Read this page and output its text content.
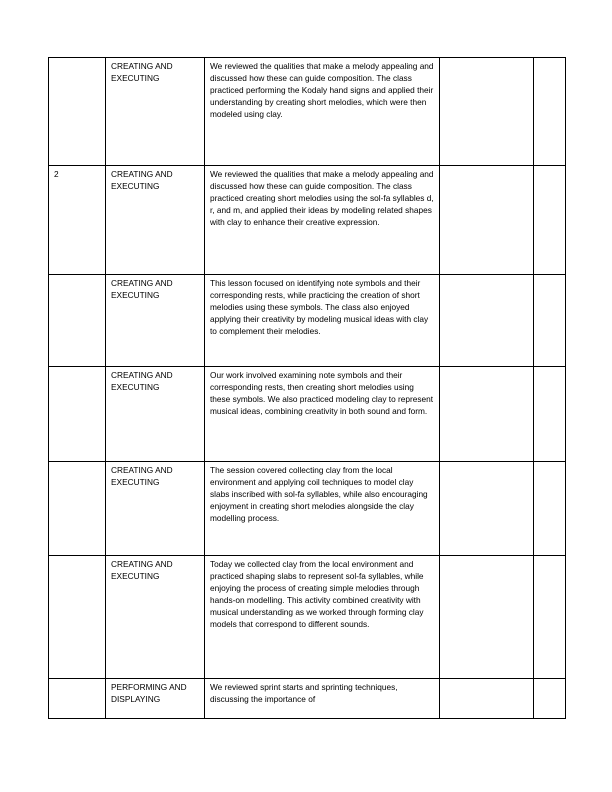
	CREATING AND
EXECUTING	We reviewed the qualities that make a melody appealing and discussed how these can guide composition. The class practiced performing the Kodaly hand signs and applied their understanding by creating short melodies, which were then modeled using clay.		
2	CREATING AND
EXECUTING	We reviewed the qualities that make a melody appealing and discussed how these can guide composition. The class practiced creating short melodies using the sol-fa syllables d, r, and m, and applied their ideas by modeling related shapes with clay to enhance their creative expression.		
	CREATING AND
EXECUTING	This lesson focused on identifying note symbols and their corresponding rests, while practicing the creation of short melodies using these symbols. The class also enjoyed applying their creativity by modeling musical ideas with clay to complement their melodies.		
	CREATING AND
EXECUTING	Our work involved examining note symbols and their corresponding rests, then creating short melodies using these symbols. We also practiced modeling clay to represent musical ideas, combining creativity in both sound and form.		
	CREATING AND
EXECUTING	The session covered collecting clay from the local environment and applying coil techniques to model clay slabs inscribed with sol-fa syllables, while also encouraging enjoyment in creating short melodies alongside the clay modelling process.		
	CREATING AND
EXECUTING	Today we collected clay from the local environment and practiced shaping slabs to represent sol-fa syllables, while enjoying the process of creating simple melodies through hands-on modelling. This activity combined creativity with musical understanding as we worked through forming clay models that correspond to different sounds.		
	PERFORMING AND
DISPLAYING	We reviewed sprint starts and sprinting techniques, discussing the importance of		
